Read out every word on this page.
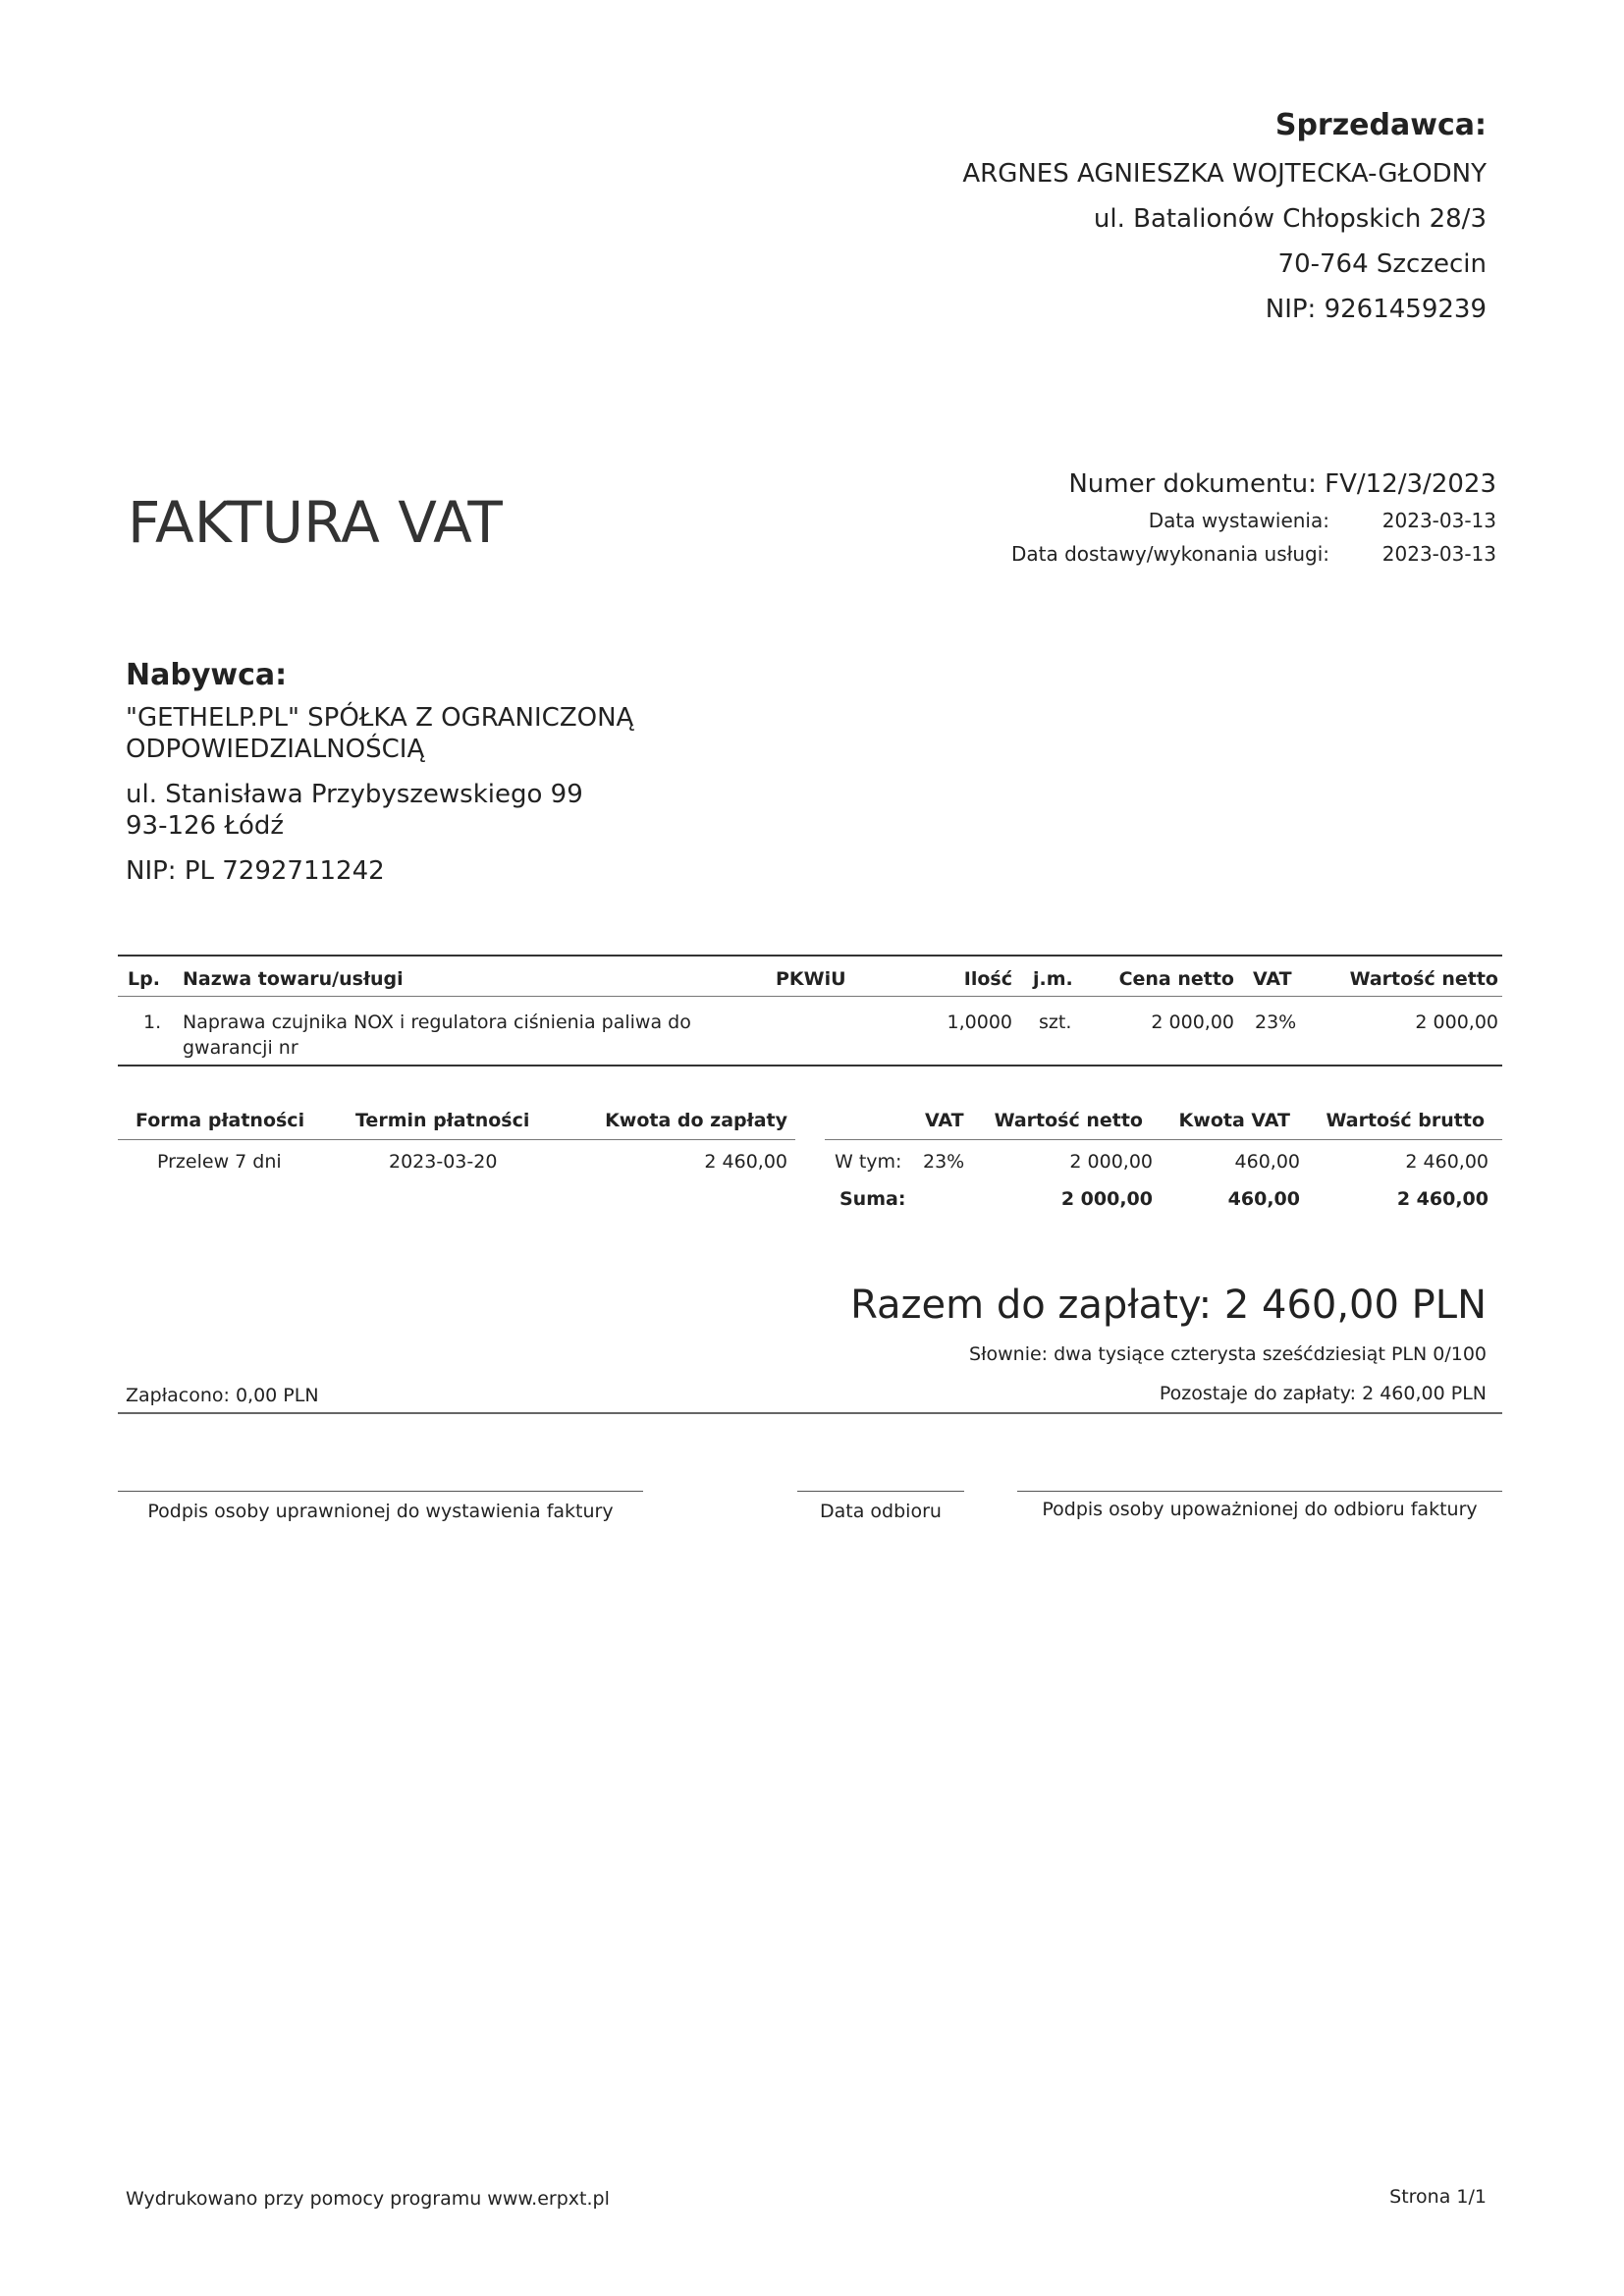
Sprzedawca:
ARGNES AGNIESZKA WOJTECKA-GŁODNY
ul. Batalionów Chłopskich 28/3
70-764 Szczecin
NIP: 9261459239
FAKTURA VAT
Numer dokumentu: FV/12/3/2023
Data wystawienia:	2023-03-13
Data dostawy/wykonania usługi:	2023-03-13
Nabywca:
"GETHELP.PL" SPÓŁKA Z OGRANICZONĄ
ODPOWIEDZIALNOŚCIĄ
ul. Stanisława Przybyszewskiego 99
93-126 Łódź
NIP: PL 7292711242
Lp. Nazwa towaru/usługi	PKWiU	Ilość j.m. Cena netto VAT	Wartość netto
1. Naprawa czujnika NOX i regulatora ciśnienia paliwa do
gwarancji nr
1,0000 szt.	2 000,00 23%	2 000,00
Forma płatności	Termin płatności	Kwota do zapłaty
Przelew 7 dni	2023-03-20	2 460,00
VAT Wartość netto Kwota VAT Wartość brutto
W tym: 23%	2 000,00	460,00	2 460,00
Suma:	2 000,00	460,00	2 460,00
Razem do zapłaty: 2 460,00 PLN
Słownie: dwa tysiące czterysta sześćdziesiąt PLN 0/100
Zapłacono: 0,00 PLN	Pozostaje do zapłaty: 2 460,00 PLN
Podpis osoby uprawnionej do wystawienia faktury	Data odbioru	Podpis osoby upoważnionej do odbioru faktury
Wydrukowano przy pomocy programu www.erpxt.pl	Strona 1/1
